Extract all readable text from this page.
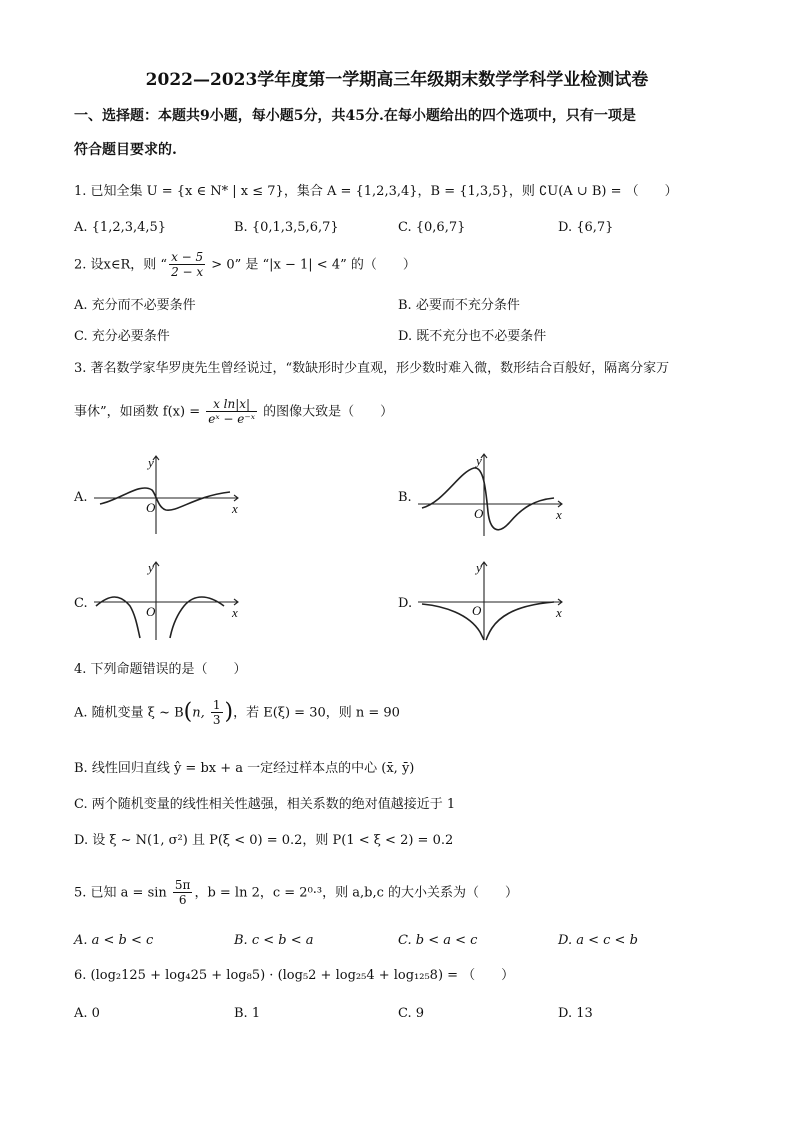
2022—2023学年度第一学期高三年级期末数学学科学业检测试卷
一、选择题：本题共9小题，每小题5分，共45分.在每小题给出的四个选项中，只有一项是
符合题目要求的.
1. 已知全集 U = {x ∈ N* | x ≤ 7}，集合 A = {1,2,3,4}，B = {1,3,5}，则 ∁U(A ∪ B) = （　　）
A. {1,2,3,4,5}	B. {0,1,3,5,6,7}	C. {0,6,7}	D. {6,7}
2. 设x∈R，则 “ $\frac{x - 5}{2 - x} > 0$” 是 “|x − 1| < 4” 的（　　）
A. 充分而不必要条件	B. 必要而不充分条件
C. 充分必要条件	D. 既不充分也不必要条件
3. 著名数学家华罗庚先生曾经说过，“数缺形时少直观，形少数时难入微，数形结合百般好，隔离分家万
事休”，如函数 $f(x) = \frac{\text{x ln|x|}}{\text{eˣ − e⁻ˣ}}$ 的图像大致是（　　）
A.
y
x
O
B.
y
x
O
C.
y
x
O
D.
y
x
O
4. 下列命题错误的是（　　）
A. 随机变量 ξ ~ B(n, $\frac{1}{3}$ )，若 E(ξ) = 30，则 n = 90
B. 线性回归直线 ŷ = bx + a 一定经过样本点的中心 (x̄, ȳ)
C. 两个随机变量的线性相关性越强，相关系数的绝对值越接近于 1
D. 设 ξ ~ N(1, σ²) 且 P(ξ < 0) = 0.2，则 P(1 < ξ < 2) = 0.2
5. 已知 $a = \sin \frac{5\pi}{6}$ ，b = ln 2，c = 2⁰·³，则 a,b,c 的大小关系为（　　）
A. a < b < c	B. c < b < a	C. b < a < c	D. a < c < b
6. (log₂125 + log₄25 + log₈5) · (log₅2 + log₂₅4 + log₁₂₅8) = （　　）
A. 0	B. 1	C. 9	D. 13
